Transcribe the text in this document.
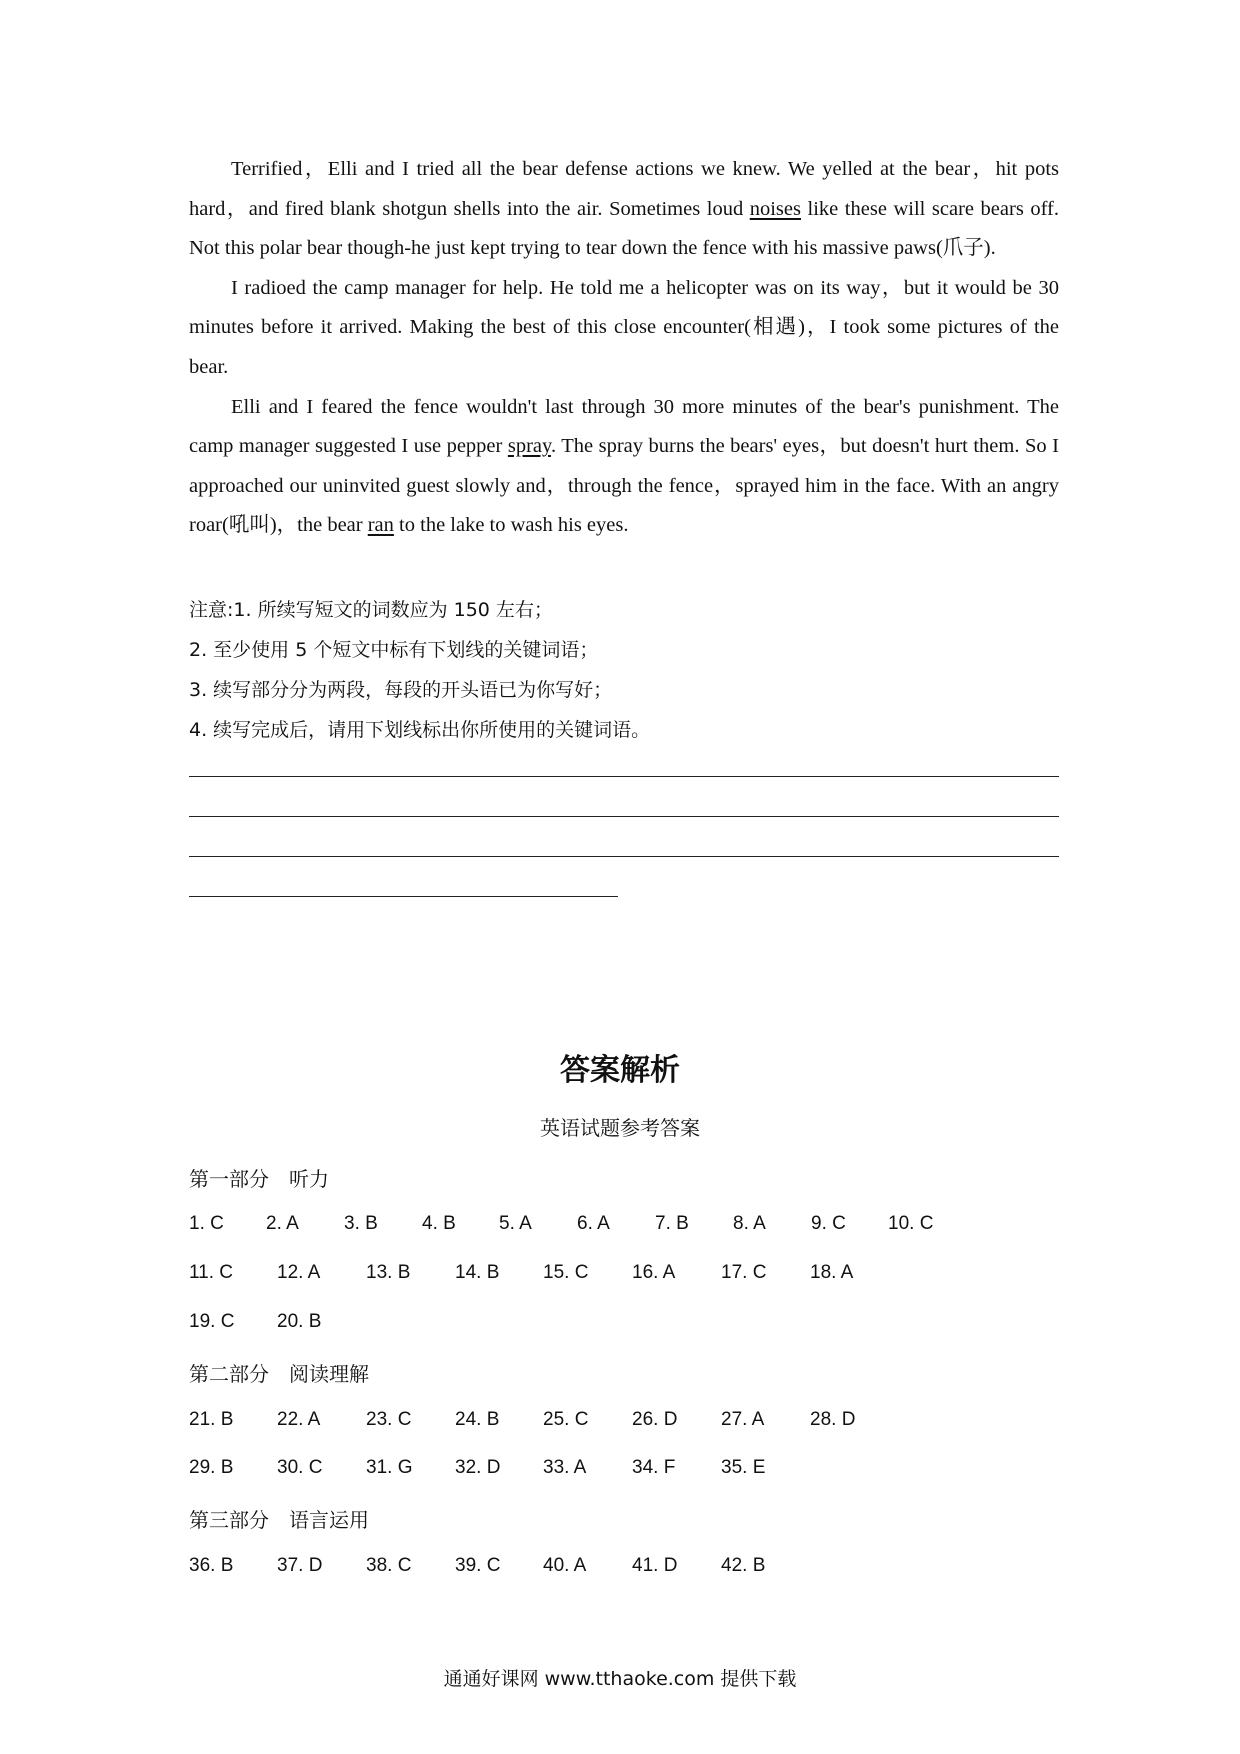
Terrified，Elli and I tried all the bear defense actions we knew. We yelled at the bear，hit pots hard，and fired blank shotgun shells into the air. Sometimes loud noises like these will scare bears off. Not this polar bear though-he just kept trying to tear down the fence with his massive paws(爪子).

I radioed the camp manager for help. He told me a helicopter was on its way，but it would be 30 minutes before it arrived. Making the best of this close encounter(相遇)，I took some pictures of the bear.

Elli and I feared the fence wouldn't last through 30 more minutes of the bear's punishment. The camp manager suggested I use pepper spray. The spray burns the bears' eyes，but doesn't hurt them. So I approached our uninvited guest slowly and，through the fence，sprayed him in the face. With an angry roar(吼叫)，the bear ran to the lake to wash his eyes.

注意:1. 所续写短文的词数应为 150 左右；
2. 至少使用 5 个短文中标有下划线的关键词语；
3. 续写部分分为两段，每段的开头语已为你写好；
4. 续写完成后，请用下划线标出你所使用的关键词语。
答案解析
英语试题参考答案
第一部分　听力
1. C 2. A 3. B 4. B 5. A 6. A 7. B 8. A 9. C 10. C
11. C 12. A 13. B 14. B 15. C 16. A 17. C 18. A
19. C 20. B
第二部分　阅读理解
21. B 22. A 23. C 24. B 25. C 26. D 27. A 28. D
29. B 30. C 31. G 32. D 33. A 34. F 35. E
第三部分　语言运用
36. B 37. D 38. C 39. C 40. A 41. D 42. B
通通好课网 www.tthaoke.com 提供下载
